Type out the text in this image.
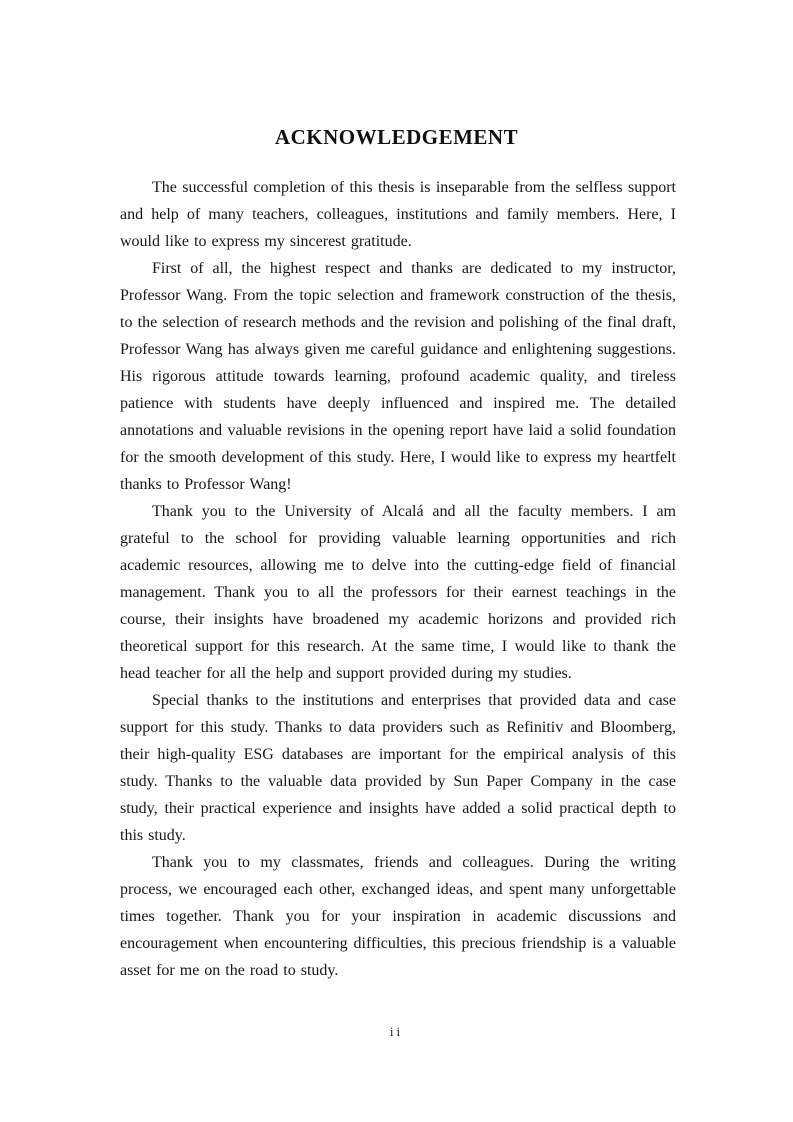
ACKNOWLEDGEMENT

The successful completion of this thesis is inseparable from the selfless support and help of many teachers, colleagues, institutions and family members. Here, I would like to express my sincerest gratitude.

First of all, the highest respect and thanks are dedicated to my instructor, Professor Wang. From the topic selection and framework construction of the thesis, to the selection of research methods and the revision and polishing of the final draft, Professor Wang has always given me careful guidance and enlightening suggestions. His rigorous attitude towards learning, profound academic quality, and tireless patience with students have deeply influenced and inspired me. The detailed annotations and valuable revisions in the opening report have laid a solid foundation for the smooth development of this study. Here, I would like to express my heartfelt thanks to Professor Wang!

Thank you to the University of Alcalá and all the faculty members. I am grateful to the school for providing valuable learning opportunities and rich academic resources, allowing me to delve into the cutting-edge field of financial management. Thank you to all the professors for their earnest teachings in the course, their insights have broadened my academic horizons and provided rich theoretical support for this research. At the same time, I would like to thank the head teacher for all the help and support provided during my studies.

Special thanks to the institutions and enterprises that provided data and case support for this study. Thanks to data providers such as Refinitiv and Bloomberg, their high-quality ESG databases are important for the empirical analysis of this study. Thanks to the valuable data provided by Sun Paper Company in the case study, their practical experience and insights have added a solid practical depth to this study.

Thank you to my classmates, friends and colleagues. During the writing process, we encouraged each other, exchanged ideas, and spent many unforgettable times together. Thank you for your inspiration in academic discussions and encouragement when encountering difficulties, this precious friendship is a valuable asset for me on the road to study.

ii
